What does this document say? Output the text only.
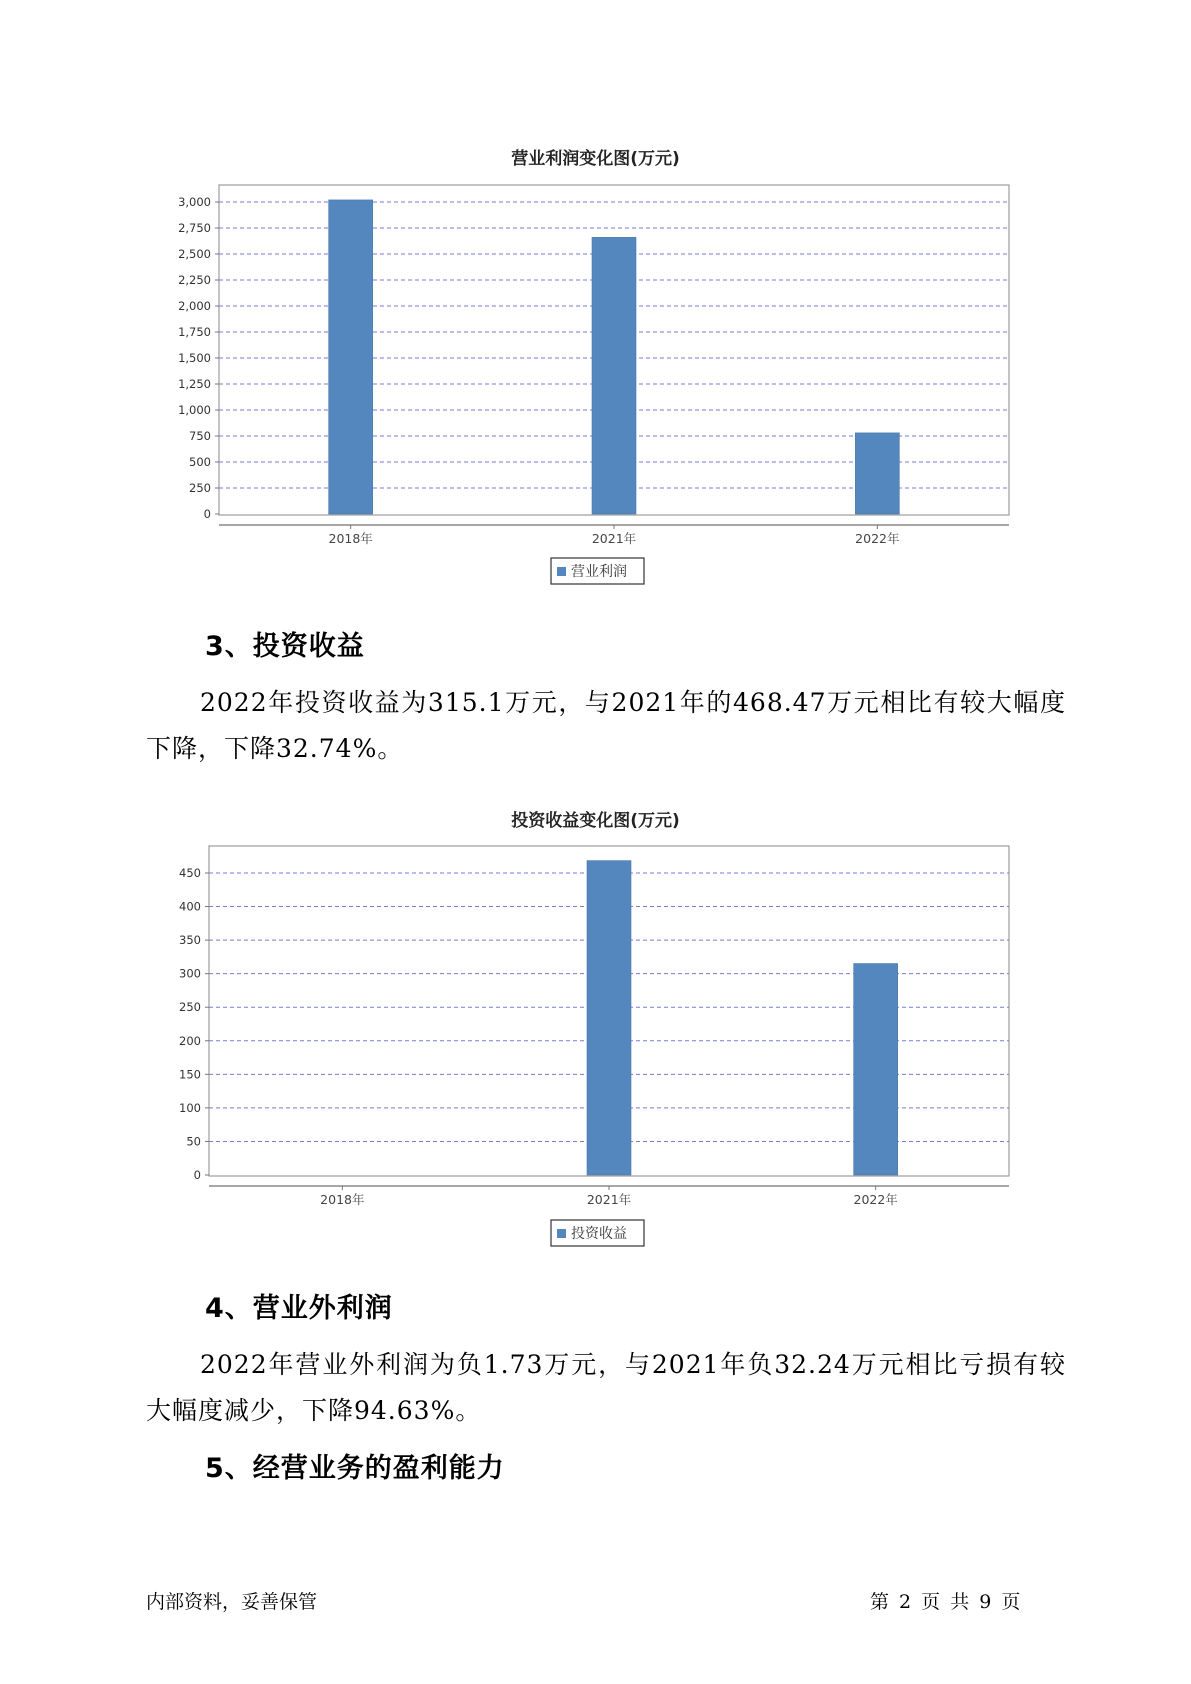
营业利润变化图(万元)
0
250
500
750
1,000
1,250
1,500
1,750
2,000
2,250
2,500
2,750
3,000
2018年	2021年	2022年
营业利润
3、投资收益
2022年投资收益为315.1万元，与2021年的468.47万元相比有较大幅度下降，下降32.74%。
投资收益变化图(万元)
0
50
100
150
200
250
300
350
400
450
2018年	2021年	2022年
投资收益
4、营业外利润
2022年营业外利润为负1.73万元，与2021年负32.24万元相比亏损有较大幅度减少，下降94.63%。
5、经营业务的盈利能力
内部资料，妥善保管	第 2 页 共 9 页
